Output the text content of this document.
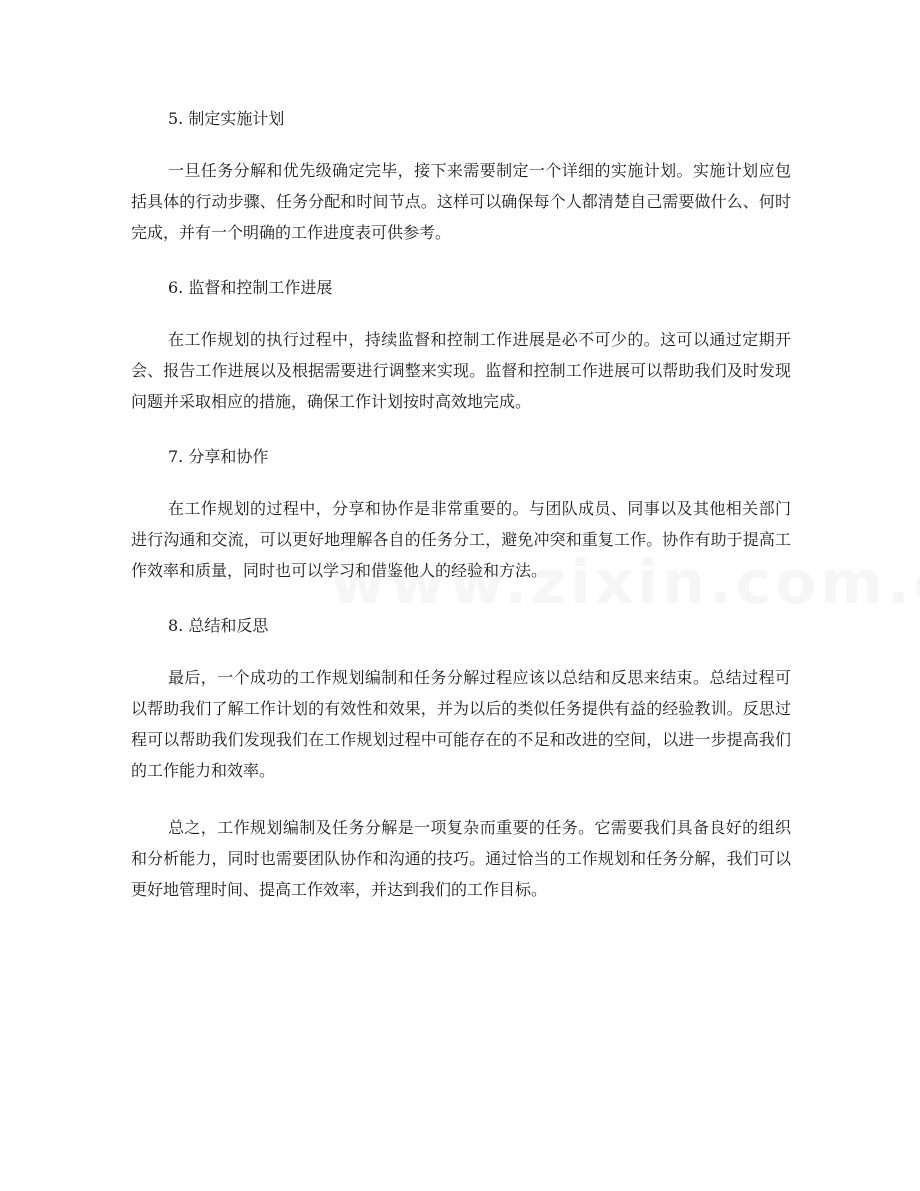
5. 制定实施计划

一旦任务分解和优先级确定完毕，接下来需要制定一个详细的实施计划。实施计划应包括具体的行动步骤、任务分配和时间节点。这样可以确保每个人都清楚自己需要做什么、何时完成，并有一个明确的工作进度表可供参考。

6. 监督和控制工作进展

在工作规划的执行过程中，持续监督和控制工作进展是必不可少的。这可以通过定期开会、报告工作进展以及根据需要进行调整来实现。监督和控制工作进展可以帮助我们及时发现问题并采取相应的措施，确保工作计划按时高效地完成。

7. 分享和协作

在工作规划的过程中，分享和协作是非常重要的。与团队成员、同事以及其他相关部门进行沟通和交流，可以更好地理解各自的任务分工，避免冲突和重复工作。协作有助于提高工作效率和质量，同时也可以学习和借鉴他人的经验和方法。

8. 总结和反思

最后，一个成功的工作规划编制和任务分解过程应该以总结和反思来结束。总结过程可以帮助我们了解工作计划的有效性和效果，并为以后的类似任务提供有益的经验教训。反思过程可以帮助我们发现我们在工作规划过程中可能存在的不足和改进的空间，以进一步提高我们的工作能力和效率。

总之，工作规划编制及任务分解是一项复杂而重要的任务。它需要我们具备良好的组织和分析能力，同时也需要团队协作和沟通的技巧。通过恰当的工作规划和任务分解，我们可以更好地管理时间、提高工作效率，并达到我们的工作目标。
